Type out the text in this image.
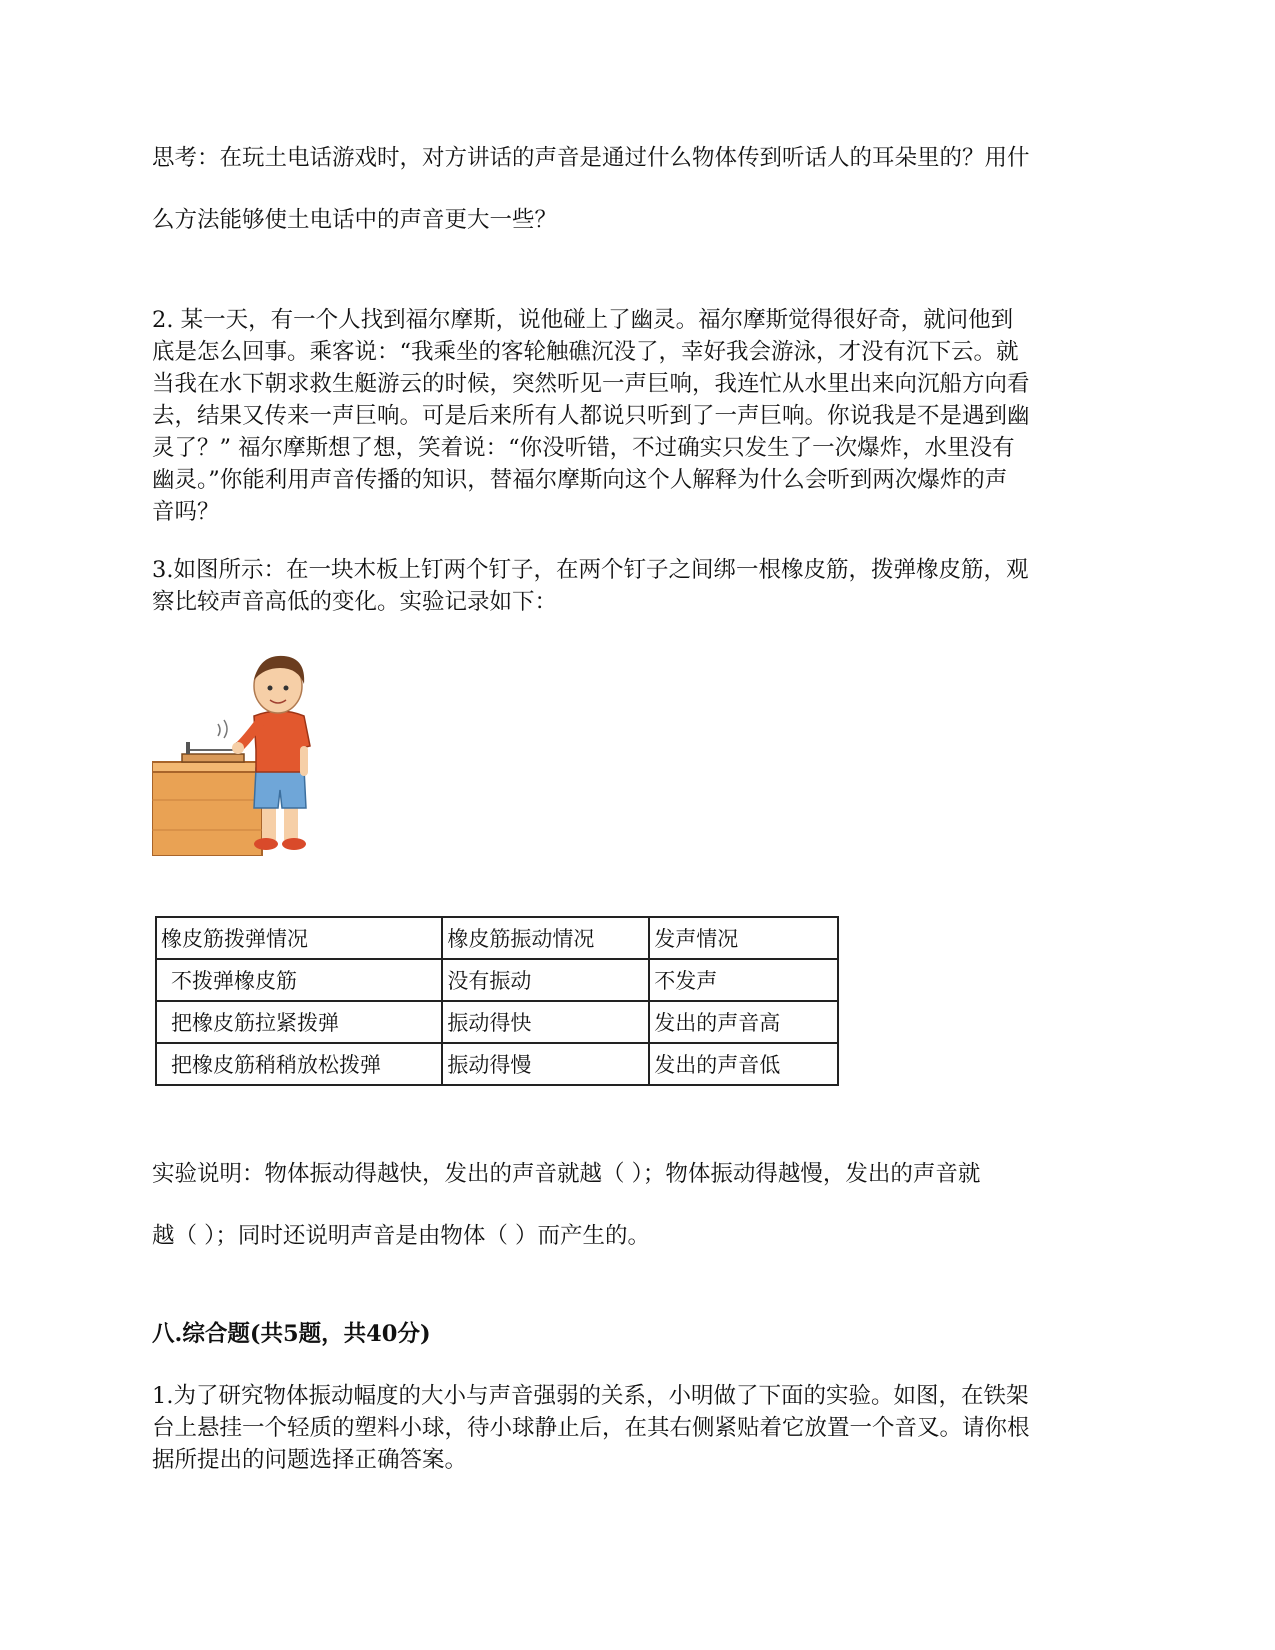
思考：在玩土电话游戏时，对方讲话的声音是通过什么物体传到听话人的耳朵里的？用什
么方法能够使土电话中的声音更大一些？
2. 某一天，有一个人找到福尔摩斯，说他碰上了幽灵。福尔摩斯觉得很好奇，就问他到
底是怎么回事。乘客说：“我乘坐的客轮触礁沉没了，幸好我会游泳，才没有沉下云。就
当我在水下朝求救生艇游云的时候，突然听见一声巨响，我连忙从水里出来向沉船方向看
去，结果又传来一声巨响。可是后来所有人都说只听到了一声巨响。你说我是不是遇到幽
灵了？” 福尔摩斯想了想，笑着说：“你没听错，不过确实只发生了一次爆炸，水里没有
幽灵。”你能利用声音传播的知识，替福尔摩斯向这个人解释为什么会听到两次爆炸的声
音吗？
3.如图所示：在一块木板上钉两个钉子，在两个钉子之间绑一根橡皮筋，拨弹橡皮筋，观
察比较声音高低的变化。实验记录如下：
橡皮筋拨弹情况	橡皮筋振动情况	发声情况
不拨弹橡皮筋	没有振动	不发声
把橡皮筋拉紧拨弹	振动得快	发出的声音高
把橡皮筋稍稍放松拨弹	振动得慢	发出的声音低
实验说明：物体振动得越快，发出的声音就越（ ）；物体振动得越慢，发出的声音就
越（ ）；同时还说明声音是由物体（ ）而产生的。
八.综合题(共5题，共40分)
1.为了研究物体振动幅度的大小与声音强弱的关系，小明做了下面的实验。如图，在铁架
台上悬挂一个轻质的塑料小球，待小球静止后，在其右侧紧贴着它放置一个音叉。请你根
据所提出的问题选择正确答案。
